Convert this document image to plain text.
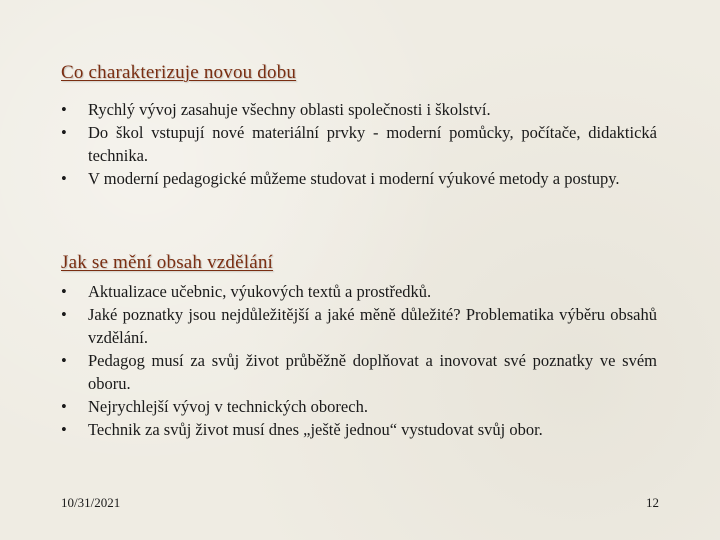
Co charakterizuje novou dobu
•	Rychlý vývoj zasahuje všechny oblasti společnosti i školství.
•	Do škol vstupují nové materiální prvky - moderní pomůcky, počítače, didaktická technika.
•	V moderní pedagogické můžeme studovat i moderní výukové metody a postupy.
Jak se mění obsah vzdělání
•	Aktualizace učebnic, výukových textů a prostředků.
•	Jaké poznatky jsou nejdůležitější a jaké měně důležité? Problematika výběru obsahů vzdělání.
•	Pedagog musí za svůj život průběžně doplňovat a inovovat své poznatky ve svém oboru.
•	Nejrychlejší vývoj v technických oborech.
•	Technik za svůj život musí dnes „ještě jednou“ vystudovat svůj obor.
10/31/2021	12
